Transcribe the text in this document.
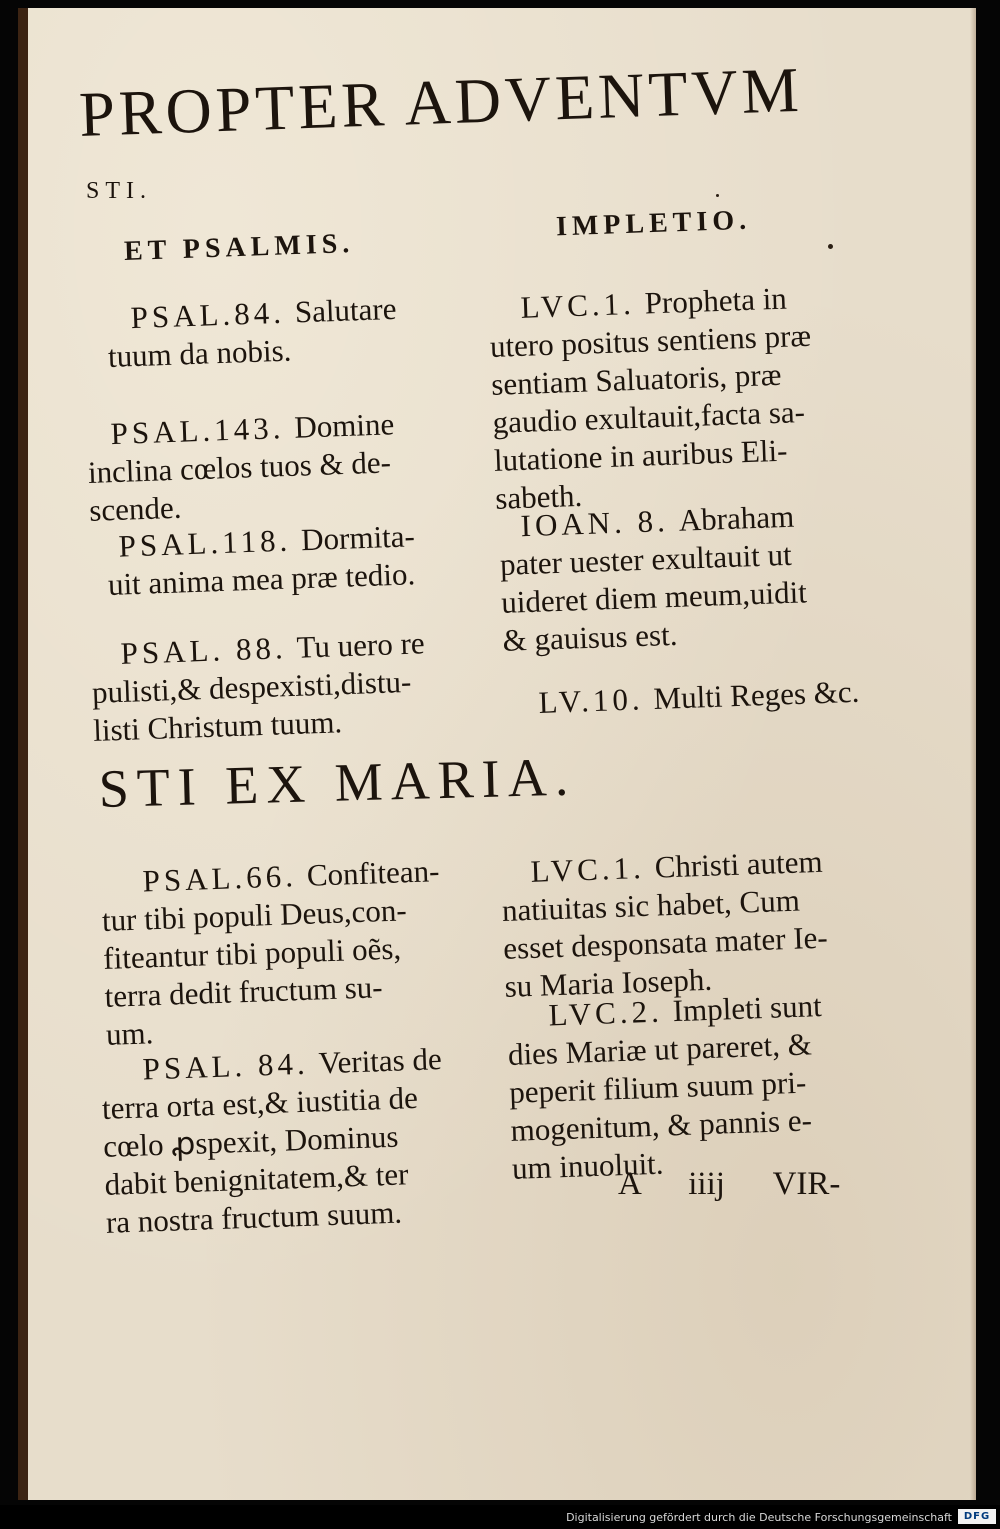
PROPTER ADVENTVM
STI.
ET PSALMIS.
IMPLETIO.
PSAL.84. Salutare
tuum da nobis.
PSAL.143. Domine
inclina cœlos tuos & de-
scende.
PSAL.118. Dormita-
uit anima mea præ tedio.
PSAL. 88. Tu uero re
pulisti,& despexisti,distu-
listi Christum tuum.
LVC.1. Propheta in
utero positus sentiens præ
sentiam Saluatoris, præ
gaudio exultauit,facta sa-
lutatione in auribus Eli-
sabeth.
IOAN. 8. Abraham
pater uester exultauit ut
uideret diem meum,uidit
& gauisus est.
LV.10. Multi Reges &c.
STI EX MARIA.
PSAL.66. Confitean-
tur tibi populi Deus,con-
fiteantur tibi populi oẽs,
terra dedit fructum su-
um.
PSAL. 84. Veritas de
terra orta est,& iustitia de
cœlo ꝓspexit, Dominus
dabit benignitatem,& ter
ra nostra fructum suum.
LVC.1. Christi autem
natiuitas sic habet, Cum
esset desponsata mater Ie-
su Maria Ioseph.
LVC.2. Impleti sunt
dies Mariæ ut pareret, &
peperit filium suum pri-
mogenitum, & pannis e-
um inuoluit.
A iiij VIR-
Digitalisierung gefördert durch die Deutsche Forschungsgemeinschaft	DFG
